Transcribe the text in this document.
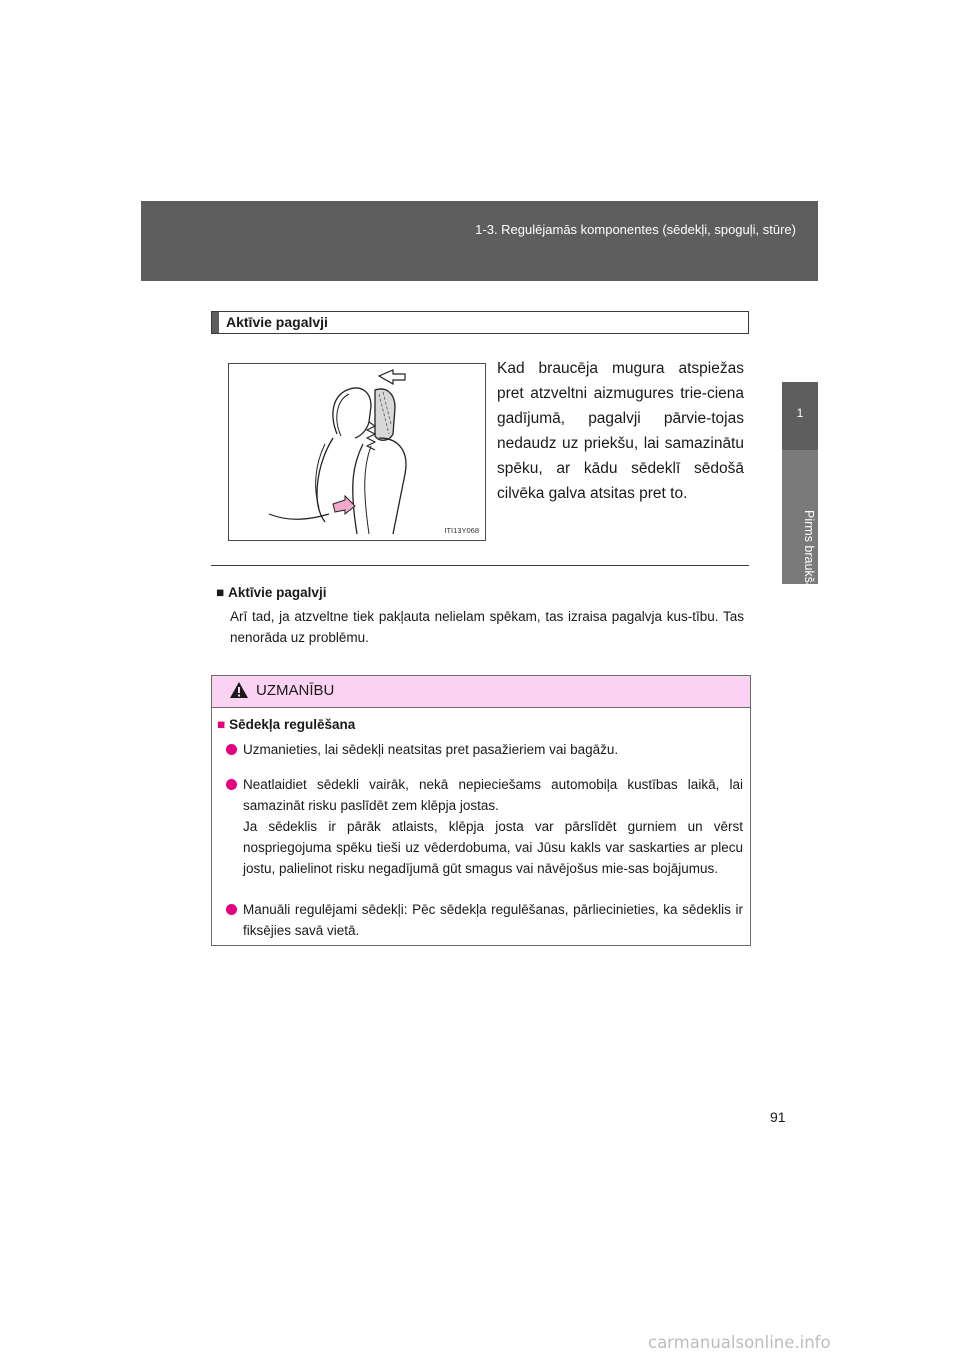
1-3. Regulējamās komponentes (sēdekļi, spoguļi, stūre)
1
Pirms braukšanas
Aktīvie pagalvji
ITI13Y068
Kad braucēja mugura atspiežas pret atzveltni aizmugures trie-ciena gadījumā, pagalvji pārvie-tojas nedaudz uz priekšu, lai samazinātu spēku, ar kādu sēdeklī sēdošā cilvēka galva atsitas pret to.
■ Aktīvie pagalvji
Arī tad, ja atzveltne tiek pakļauta nelielam spēkam, tas izraisa pagalvja kus-tību. Tas nenorāda uz problēmu.
UZMANĪBU
■ Sēdekļa regulēšana
Uzmanieties, lai sēdekļi neatsitas pret pasažieriem vai bagāžu.
Neatlaidiet sēdekli vairāk, nekā nepieciešams automobiļa kustības laikā, lai samazināt risku paslīdēt zem klēpja jostas.
Ja sēdeklis ir pārāk atlaists, klēpja josta var pārslīdēt gurniem un vērst nospriegojuma spēku tieši uz vēderdobuma, vai Jūsu kakls var saskarties ar plecu jostu, palielinot risku negadījumā gūt smagus vai nāvējošus mie-sas bojājumus.
Manuāli regulējami sēdekļi: Pēc sēdekļa regulēšanas, pārliecinieties, ka sēdeklis ir fiksējies savā vietā.
91
carmanualsonline.info
